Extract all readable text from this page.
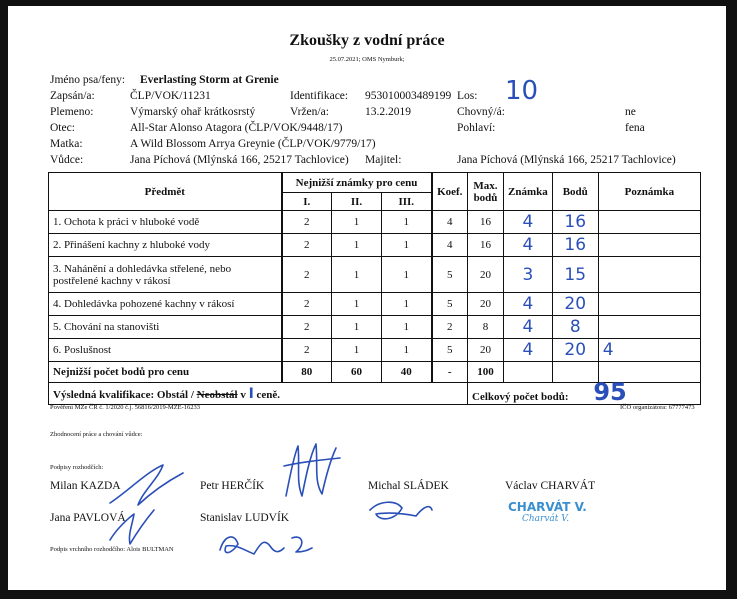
Zkoušky z vodní práce
25.07.2021; OMS Nymburk;
Jméno psa/feny: Everlasting Storm at Grenie
Zapsán/a:	ČLP/VOK/11231	Identifikace: 953010003489199 Los: 10
Plemeno:	Výmarský ohař krátkosrstý	Vržen/a:	13.2.2019	Chovný/á:	ne
Otec:	All-Star Alonso Atagora (ČLP/VOK/9448/17)	Pohlaví:	fena
Matka:	A Wild Blossom Arrya Greynie (ČLP/VOK/9779/17)
Vůdce:	Jana Píchová (Mlýnská 166, 25217 Tachlovice) Majitel:	Jana Píchová (Mlýnská 166, 25217 Tachlovice)
Předmět	Nejnižší známky pro cenu			Koef.	Max. bodů	Známka	Bodů	Poznámka
	I.	II.	III.					
1. Ochota k práci v hluboké vodě	2	1	1	4	16	4	16	
2. Přinášení kachny z hluboké vody	2	1	1	4	16	4	16	
3. Nahánění a dohledávka střelené, nebo postřelené kachny v rákosí	2	1	1	5	20	3	15	
4. Dohledávka pohozené kachny v rákosí	2	1	1	5	20	4	20	
5. Chování na stanovišti	2	1	1	2	8	4	8	
6. Poslušnost	2	1	1	5	20	4	20	4
Nejnižší počet bodů pro cenu	80	60	40	-	100			
Výsledná kvalifikace: Obstál / Neobstál v I ceně.					Celkový počet bodů: 95			
Pověření MZe ČR č. 1/2020 č.j. 56816/2019-MZE-16233	IČO organizátora: 67777473
Zhodnocení práce a chování vůdce:
Podpisy rozhodčích:
Milan KAZDA	Petr HERČÍK	Michal SLÁDEK	Václav CHARVÁT
Jana PAVLOVÁ	Stanislav LUDVÍK
CHARVÁT V.
Charvát V.
Podpis vrchního rozhodčího: Alois BULTMAN
